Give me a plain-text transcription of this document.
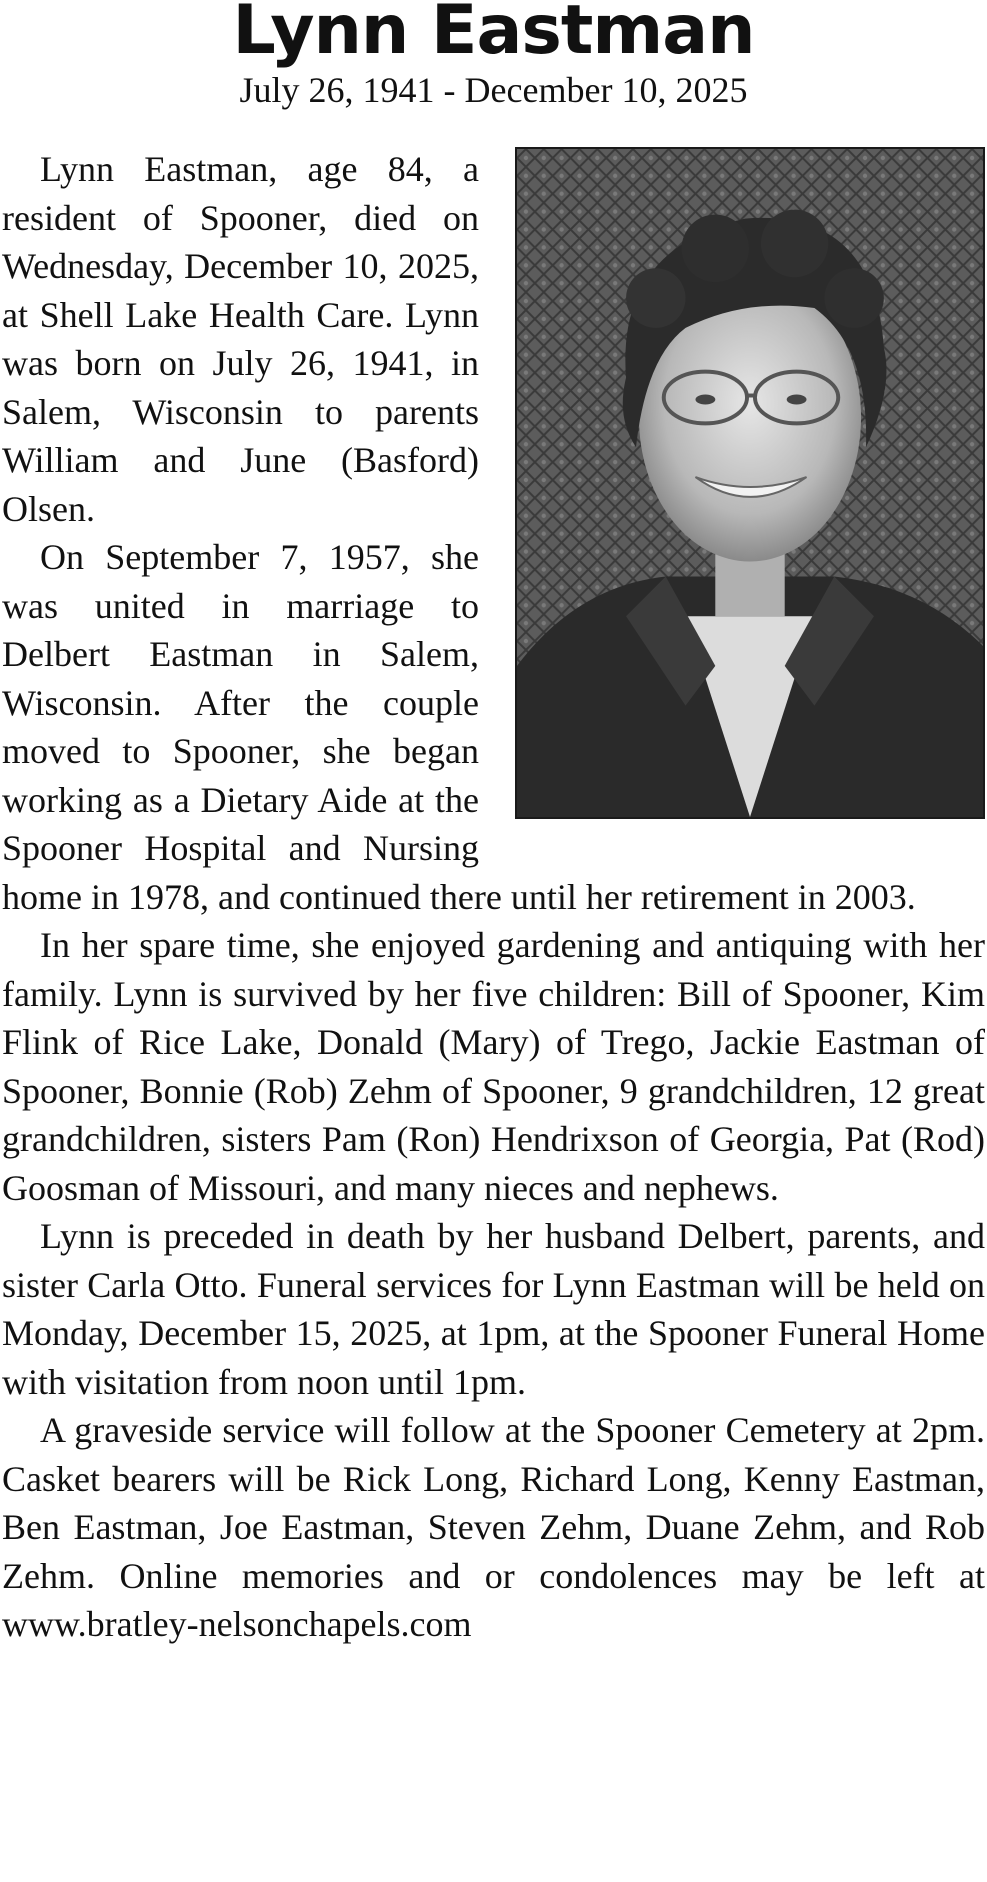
Lynn Eastman
July 26, 1941 - December 10, 2025

Lynn Eastman, age 84, a resident of Spooner, died on Wednesday, December 10, 2025, at Shell Lake Health Care. Lynn was born on July 26, 1941, in Salem, Wisconsin to parents William and June (Basford) Olsen.

On September 7, 1957, she was united in marriage to Delbert Eastman in Salem, Wisconsin. After the couple moved to Spooner, she began working as a Dietary Aide at the Spooner Hospital and Nursing home in 1978, and continued there until her retirement in 2003.

In her spare time, she enjoyed gardening and antiquing with her family. Lynn is survived by her five children: Bill of Spooner, Kim Flink of Rice Lake, Donald (Mary) of Trego, Jackie Eastman of Spooner, Bonnie (Rob) Zehm of Spooner, 9 grandchildren, 12 great grandchildren, sisters Pam (Ron) Hendrixson of Georgia, Pat (Rod) Goosman of Missouri, and many nieces and nephews.

Lynn is preceded in death by her husband Delbert, parents, and sister Carla Otto. Funeral services for Lynn Eastman will be held on Monday, December 15, 2025, at 1pm, at the Spooner Funeral Home with visitation from noon until 1pm.

A graveside service will follow at the Spooner Cemetery at 2pm. Casket bearers will be Rick Long, Richard Long, Kenny Eastman, Ben Eastman, Joe Eastman, Steven Zehm, Duane Zehm, and Rob Zehm. Online memories and or condolences may be left at www.bratley-nelsonchapels.com
